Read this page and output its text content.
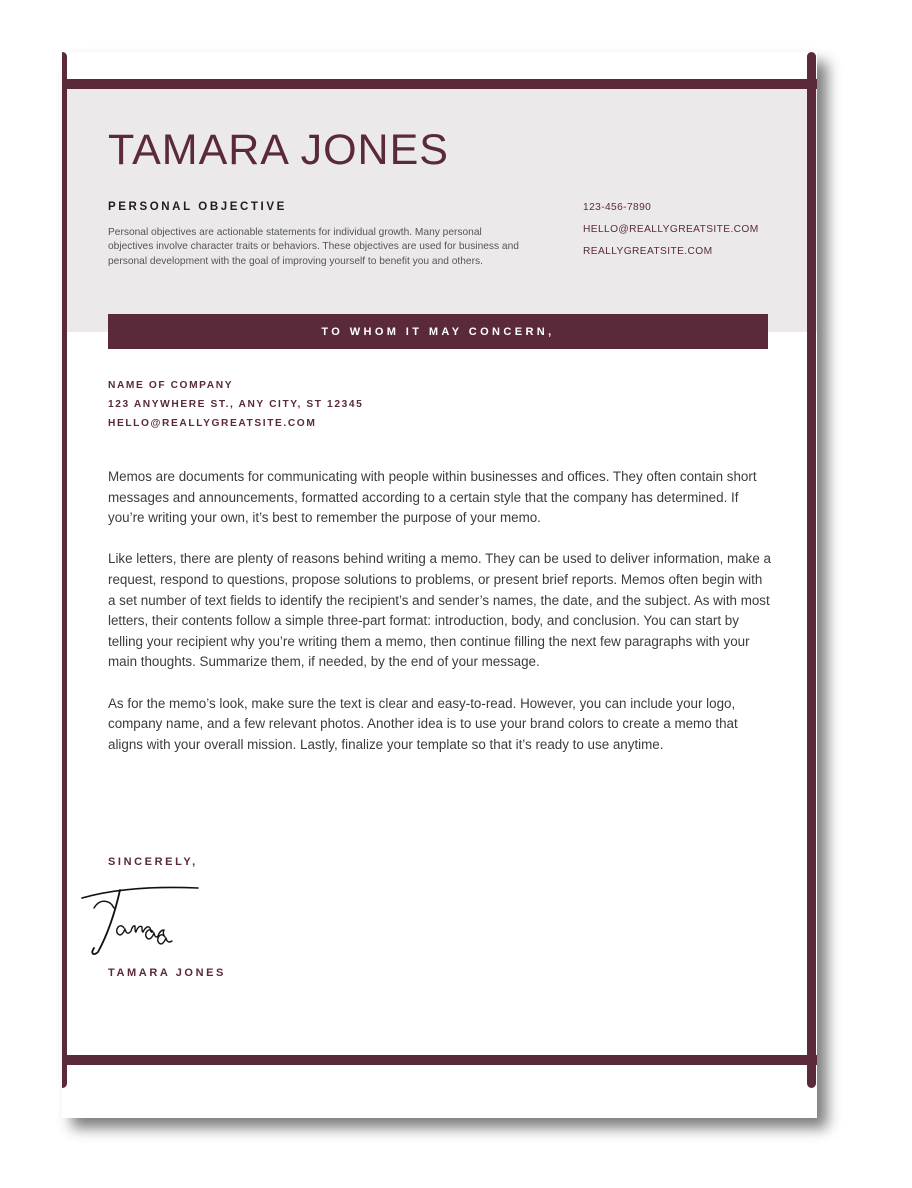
TAMARA JONES
PERSONAL OBJECTIVE
Personal objectives are actionable statements for individual growth. Many personal objectives involve character traits or behaviors. These objectives are used for business and personal development with the goal of improving yourself to benefit you and others.
123-456-7890
HELLO@REALLYGREATSITE.COM
REALLYGREATSITE.COM
TO WHOM IT MAY CONCERN,
NAME OF COMPANY
123 ANYWHERE ST., ANY CITY, ST 12345
HELLO@REALLYGREATSITE.COM

Memos are documents for communicating with people within businesses and offices. They often contain short messages and announcements, formatted according to a certain style that the company has determined. If you’re writing your own, it’s best to remember the purpose of your memo.

Like letters, there are plenty of reasons behind writing a memo. They can be used to deliver information, make a request, respond to questions, propose solutions to problems, or present brief reports. Memos often begin with a set number of text fields to identify the recipient’s and sender’s names, the date, and the subject. As with most letters, their contents follow a simple three-part format: introduction, body, and conclusion. You can start by telling your recipient why you’re writing them a memo, then continue filling the next few paragraphs with your main thoughts. Summarize them, if needed, by the end of your message.

As for the memo’s look, make sure the text is clear and easy-to-read. However, you can include your logo, company name, and a few relevant photos. Another idea is to use your brand colors to create a memo that aligns with your overall mission. Lastly, finalize your template so that it’s ready to use anytime.

SINCERELY,
TAMARA JONES
